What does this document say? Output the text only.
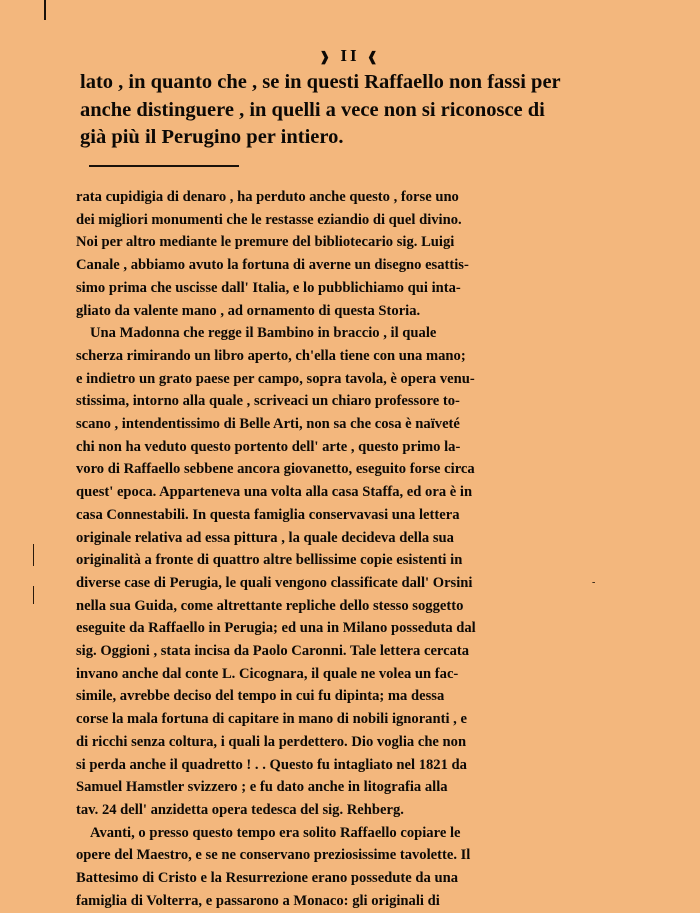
❱ II ❰
lato , in quanto che , se in questi Raffaello non fassi per
anche distinguere , in quelli a vece non si riconosce di
già più il Perugino per intiero.
rata cupidigia di denaro , ha perduto anche questo , forse uno
dei migliori monumenti che le restasse eziandio di quel divino.
Noi per altro mediante le premure del bibliotecario sig. Luigi
Canale , abbiamo avuto la fortuna di averne un disegno esattis-
simo prima che uscisse dall' Italia, e lo pubblichiamo qui inta-
gliato da valente mano , ad ornamento di questa Storia.
Una Madonna che regge il Bambino in braccio , il quale
scherza rimirando un libro aperto, ch'ella tiene con una mano;
e indietro un grato paese per campo, sopra tavola, è opera venu-
stissima, intorno alla quale , scriveaci un chiaro professore to-
scano , intendentissimo di Belle Arti, non sa che cosa è naïveté
chi non ha veduto questo portento dell' arte , questo primo la-
voro di Raffaello sebbene ancora giovanetto, eseguito forse circa
quest' epoca. Apparteneva una volta alla casa Staffa, ed ora è in
casa Connestabili. In questa famiglia conservavasi una lettera
originale relativa ad essa pittura , la quale decideva della sua
originalità a fronte di quattro altre bellissime copie esistenti in
diverse case di Perugia, le quali vengono classificate dall' Orsini
nella sua Guida, come altrettante repliche dello stesso soggetto
eseguite da Raffaello in Perugia; ed una in Milano posseduta dal
sig. Oggioni , stata incisa da Paolo Caronni. Tale lettera cercata
invano anche dal conte L. Cicognara, il quale ne volea un fac-
simile, avrebbe deciso del tempo in cui fu dipinta; ma dessa
corse la mala fortuna di capitare in mano di nobili ignoranti , e
di ricchi senza coltura, i quali la perdettero. Dio voglia che non
si perda anche il quadretto ! . . Questo fu intagliato nel 1821 da
Samuel Hamstler svizzero ; e fu dato anche in litografia alla
tav. 24 dell' anzidetta opera tedesca del sig. Rehberg.
Avanti, o presso questo tempo era solito Raffaello copiare le
opere del Maestro, e se ne conservano preziosissime tavolette. Il
Battesimo di Cristo e la Resurrezione erano possedute da una
famiglia di Volterra, e passarono a Monaco: gli originali di
-
